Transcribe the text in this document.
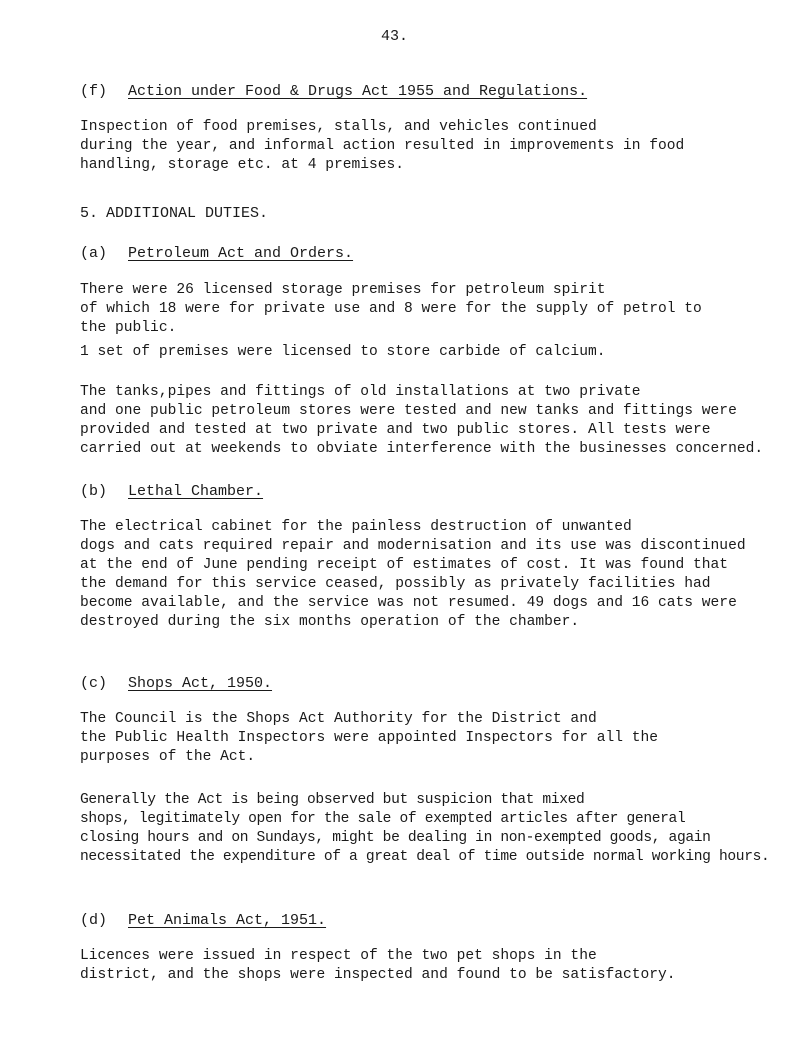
43.
(f) Action under Food & Drugs Act 1955 and Regulations.

Inspection of food premises, stalls, and vehicles continued
during the year, and informal action resulted in improvements in food
handling, storage etc. at 4 premises.

5. ADDITIONAL DUTIES.
(a) Petroleum Act and Orders.

There were 26 licensed storage premises for petroleum spirit
of which 18 were for private use and 8 were for the supply of petrol to
the public.

1 set of premises were licensed to store carbide of calcium.

The tanks,pipes and fittings of old installations at two private
and one public petroleum stores were tested and new tanks and fittings were
provided and tested at two private and two public stores. All tests were
carried out at weekends to obviate interference with the businesses concerned.

(b) Lethal Chamber.

The electrical cabinet for the painless destruction of unwanted
dogs and cats required repair and modernisation and its use was discontinued
at the end of June pending receipt of estimates of cost. It was found that
the demand for this service ceased, possibly as privately facilities had
become available, and the service was not resumed. 49 dogs and 16 cats were
destroyed during the six months operation of the chamber.

(c) Shops Act, 1950.

The Council is the Shops Act Authority for the District and
the Public Health Inspectors were appointed Inspectors for all the
purposes of the Act.

Generally the Act is being observed but suspicion that mixed
shops, legitimately open for the sale of exempted articles after general
closing hours and on Sundays, might be dealing in non-exempted goods, again
necessitated the expenditure of a great deal of time outside normal working hours.

(d) Pet Animals Act, 1951.

Licences were issued in respect of the two pet shops in the
district, and the shops were inspected and found to be satisfactory.
